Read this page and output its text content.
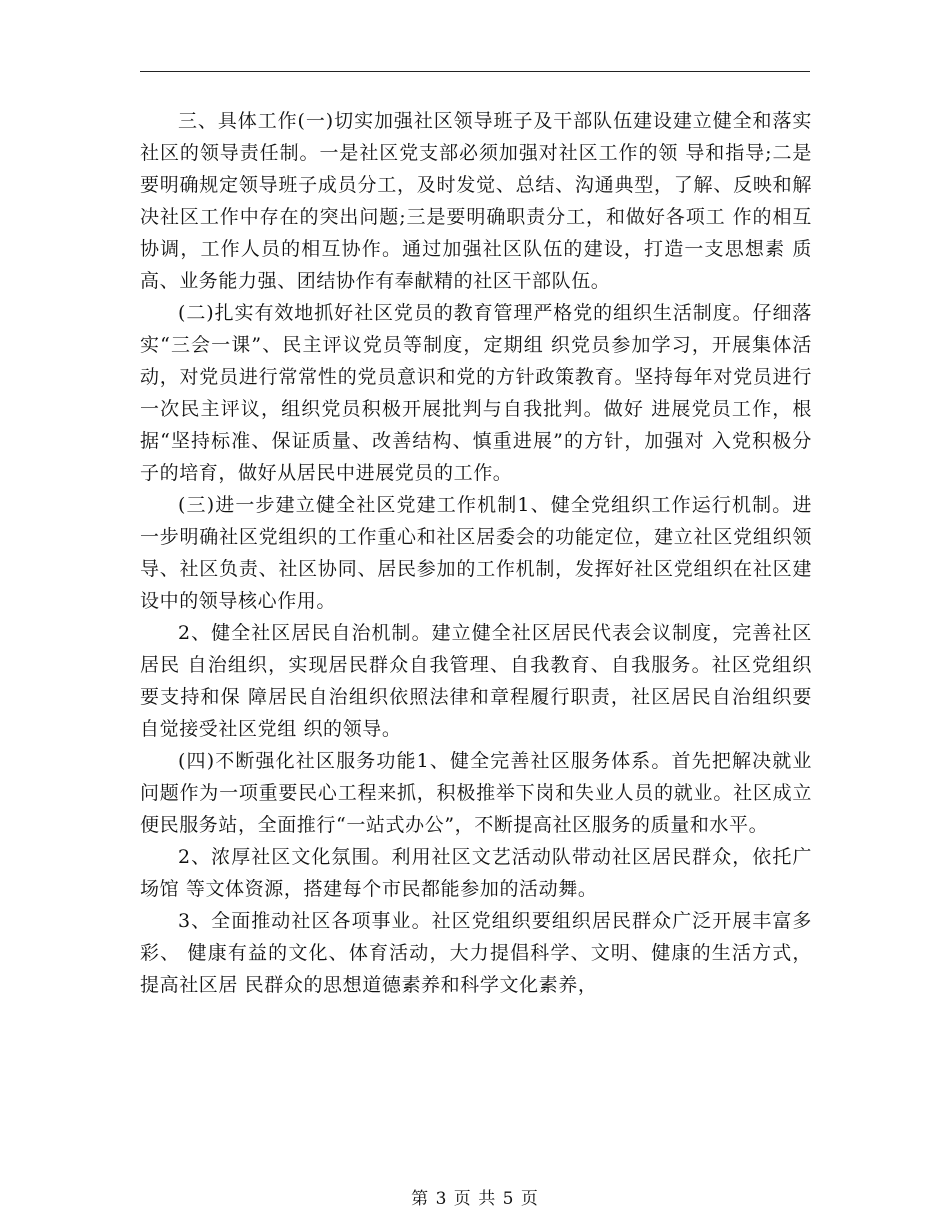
三、具体工作(一)切实加强社区领导班子及干部队伍建设建立健全和落实社区的领导责任制。一是社区党支部必须加强对社区工作的领 导和指导;二是要明确规定领导班子成员分工，及时发觉、总结、沟通典型，了解、反映和解决社区工作中存在的突出问题;三是要明确职责分工，和做好各项工 作的相互协调，工作人员的相互协作。通过加强社区队伍的建设，打造一支思想素 质高、业务能力强、团结协作有奉献精的社区干部队伍。

(二)扎实有效地抓好社区党员的教育管理严格党的组织生活制度。仔细落实“三会一课”、民主评议党员等制度，定期组 织党员参加学习，开展集体活动，对党员进行常常性的党员意识和党的方针政策教育。坚持每年对党员进行一次民主评议，组织党员积极开展批判与自我批判。做好 进展党员工作，根据“坚持标准、保证质量、改善结构、慎重进展”的方针，加强对 入党积极分子的培育，做好从居民中进展党员的工作。

(三)进一步建立健全社区党建工作机制1、健全党组织工作运行机制。进一步明确社区党组织的工作重心和社区居委会的功能定位，建立社区党组织领导、社区负责、社区协同、居民参加的工作机制，发挥好社区党组织在社区建设中的领导核心作用。

2、健全社区居民自治机制。建立健全社区居民代表会议制度，完善社区居民 自治组织，实现居民群众自我管理、自我教育、自我服务。社区党组织要支持和保 障居民自治组织依照法律和章程履行职责，社区居民自治组织要自觉接受社区党组 织的领导。

(四)不断强化社区服务功能1、健全完善社区服务体系。首先把解决就业问题作为一项重要民心工程来抓，积极推举下岗和失业人员的就业。社区成立便民服务站，全面推行“一站式办公”，不断提高社区服务的质量和水平。

2、浓厚社区文化氛围。利用社区文艺活动队带动社区居民群众，依托广场馆 等文体资源，搭建每个市民都能参加的活动舞。

3、全面推动社区各项事业。社区党组织要组织居民群众广泛开展丰富多彩、 健康有益的文化、体育活动，大力提倡科学、文明、健康的生活方式，提高社区居 民群众的思想道德素养和科学文化素养，

第 3 页 共 5 页
